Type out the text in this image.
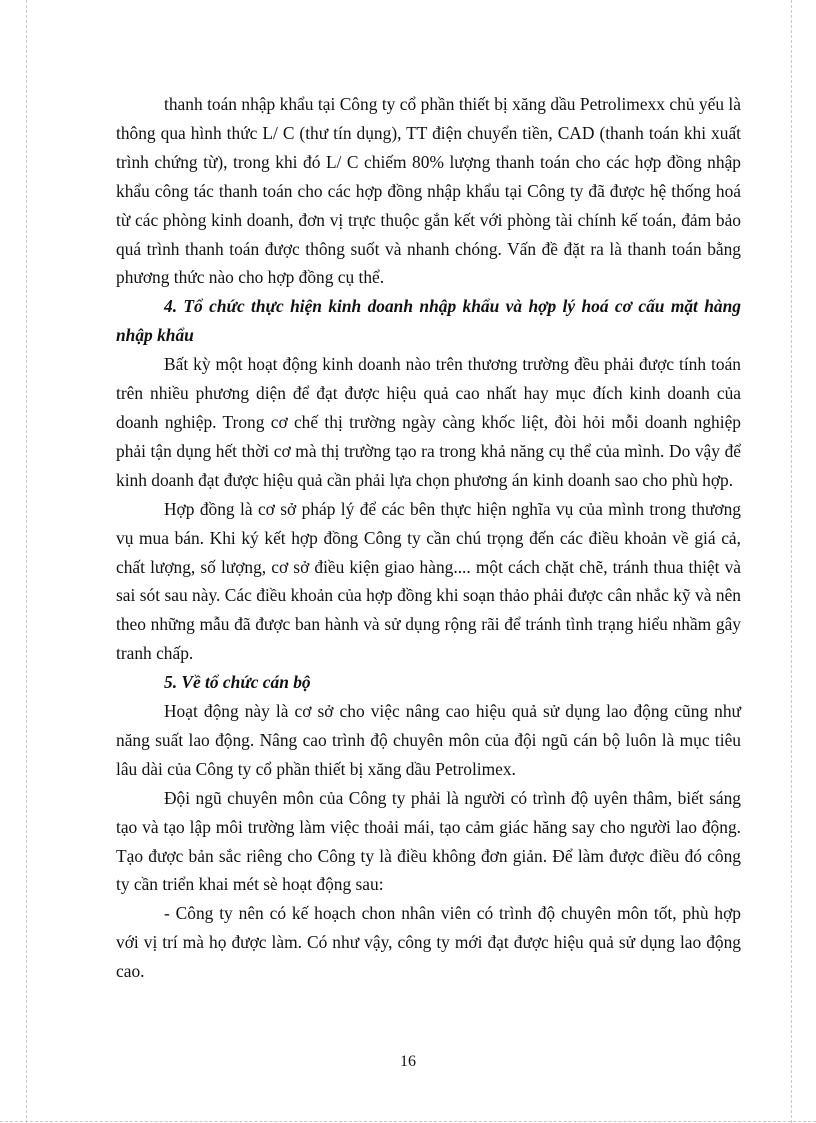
thanh toán nhập khẩu tại Công ty cổ phần thiết bị xăng dầu Petrolimexx chủ yếu là thông qua hình thức L/ C (thư tín dụng), TT điện chuyển tiền, CAD (thanh toán khi xuất trình chứng từ), trong khi đó L/ C chiếm 80% lượng thanh toán cho các hợp đồng nhập khẩu công tác thanh toán cho các hợp đồng nhập khẩu tại Công ty đã được hệ thống hoá từ các phòng kinh doanh, đơn vị trực thuộc gắn kết với phòng tài chính kế toán, đảm bảo quá trình thanh toán được thông suốt và nhanh chóng. Vấn đề đặt ra là thanh toán bằng phương thức nào cho hợp đồng cụ thể.

4. Tổ chức thực hiện kinh doanh nhập khẩu và hợp lý hoá cơ cấu mặt hàng nhập khẩu

Bất kỳ một hoạt động kinh doanh nào trên thương trường đều phải được tính toán trên nhiều phương diện để đạt được hiệu quả cao nhất hay mục đích kinh doanh của doanh nghiệp. Trong cơ chế thị trường ngày càng khốc liệt, đòi hỏi mỗi doanh nghiệp phải tận dụng hết thời cơ mà thị trường tạo ra trong khả năng cụ thể của mình. Do vậy để kinh doanh đạt được hiệu quả cần phải lựa chọn phương án kinh doanh sao cho phù hợp.

Hợp đồng là cơ sở pháp lý để các bên thực hiện nghĩa vụ của mình trong thương vụ mua bán. Khi ký kết hợp đồng Công ty cần chú trọng đến các điều khoản về giá cả, chất lượng, số lượng, cơ sở điều kiện giao hàng.... một cách chặt chẽ, tránh thua thiệt và sai sót sau này. Các điều khoản của hợp đồng khi soạn thảo phải được cân nhắc kỹ và nên theo những mẫu đã được ban hành và sử dụng rộng rãi để tránh tình trạng hiểu nhầm gây tranh chấp.

5. Về tổ chức cán bộ

Hoạt động này là cơ sở cho việc nâng cao hiệu quả sử dụng lao động cũng như năng suất lao động. Nâng cao trình độ chuyên môn của đội ngũ cán bộ luôn là mục tiêu lâu dài của Công ty cổ phần thiết bị xăng dầu Petrolimex.

Đội ngũ chuyên môn của Công ty phải là người có trình độ uyên thâm, biết sáng tạo và tạo lập môi trường làm việc thoải mái, tạo cảm giác hăng say cho người lao động. Tạo được bản sắc riêng cho Công ty là điều không đơn giản. Để làm được điều đó công ty cần triển khai mét sè hoạt động sau:

- Công ty nên có kế hoạch chon nhân viên có trình độ chuyên môn tốt, phù hợp với vị trí mà họ được làm. Có như vậy, công ty mới đạt được hiệu quả sử dụng lao động cao.

16
